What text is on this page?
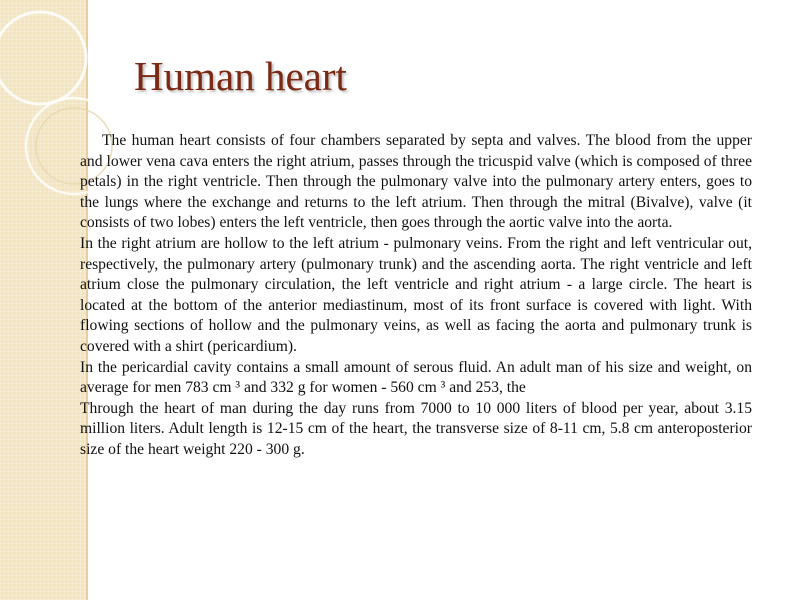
Human heart

The human heart consists of four chambers separated by septa and valves. The blood from the upper and lower vena cava enters the right atrium, passes through the tricuspid valve (which is composed of three petals) in the right ventricle. Then through the pulmonary valve into the pulmonary artery enters, goes to the lungs where the exchange and returns to the left atrium. Then through the mitral (Bivalve), valve (it consists of two lobes) enters the left ventricle, then goes through the aortic valve into the aorta.

In the right atrium are hollow to the left atrium - pulmonary veins. From the right and left ventricular out, respectively, the pulmonary artery (pulmonary trunk) and the ascending aorta. The right ventricle and left atrium close the pulmonary circulation, the left ventricle and right atrium - a large circle. The heart is located at the bottom of the anterior mediastinum, most of its front surface is covered with light. With flowing sections of hollow and the pulmonary veins, as well as facing the aorta and pulmonary trunk is covered with a shirt (pericardium).

In the pericardial cavity contains a small amount of serous fluid. An adult man of his size and weight, on average for men 783 cm ³ and 332 g for women - 560 cm ³ and 253, the

Through the heart of man during the day runs from 7000 to 10 000 liters of blood per year, about 3.15 million liters. Adult length is 12-15 cm of the heart, the transverse size of 8-11 cm, 5.8 cm anteroposterior size of the heart weight 220 - 300 g.
